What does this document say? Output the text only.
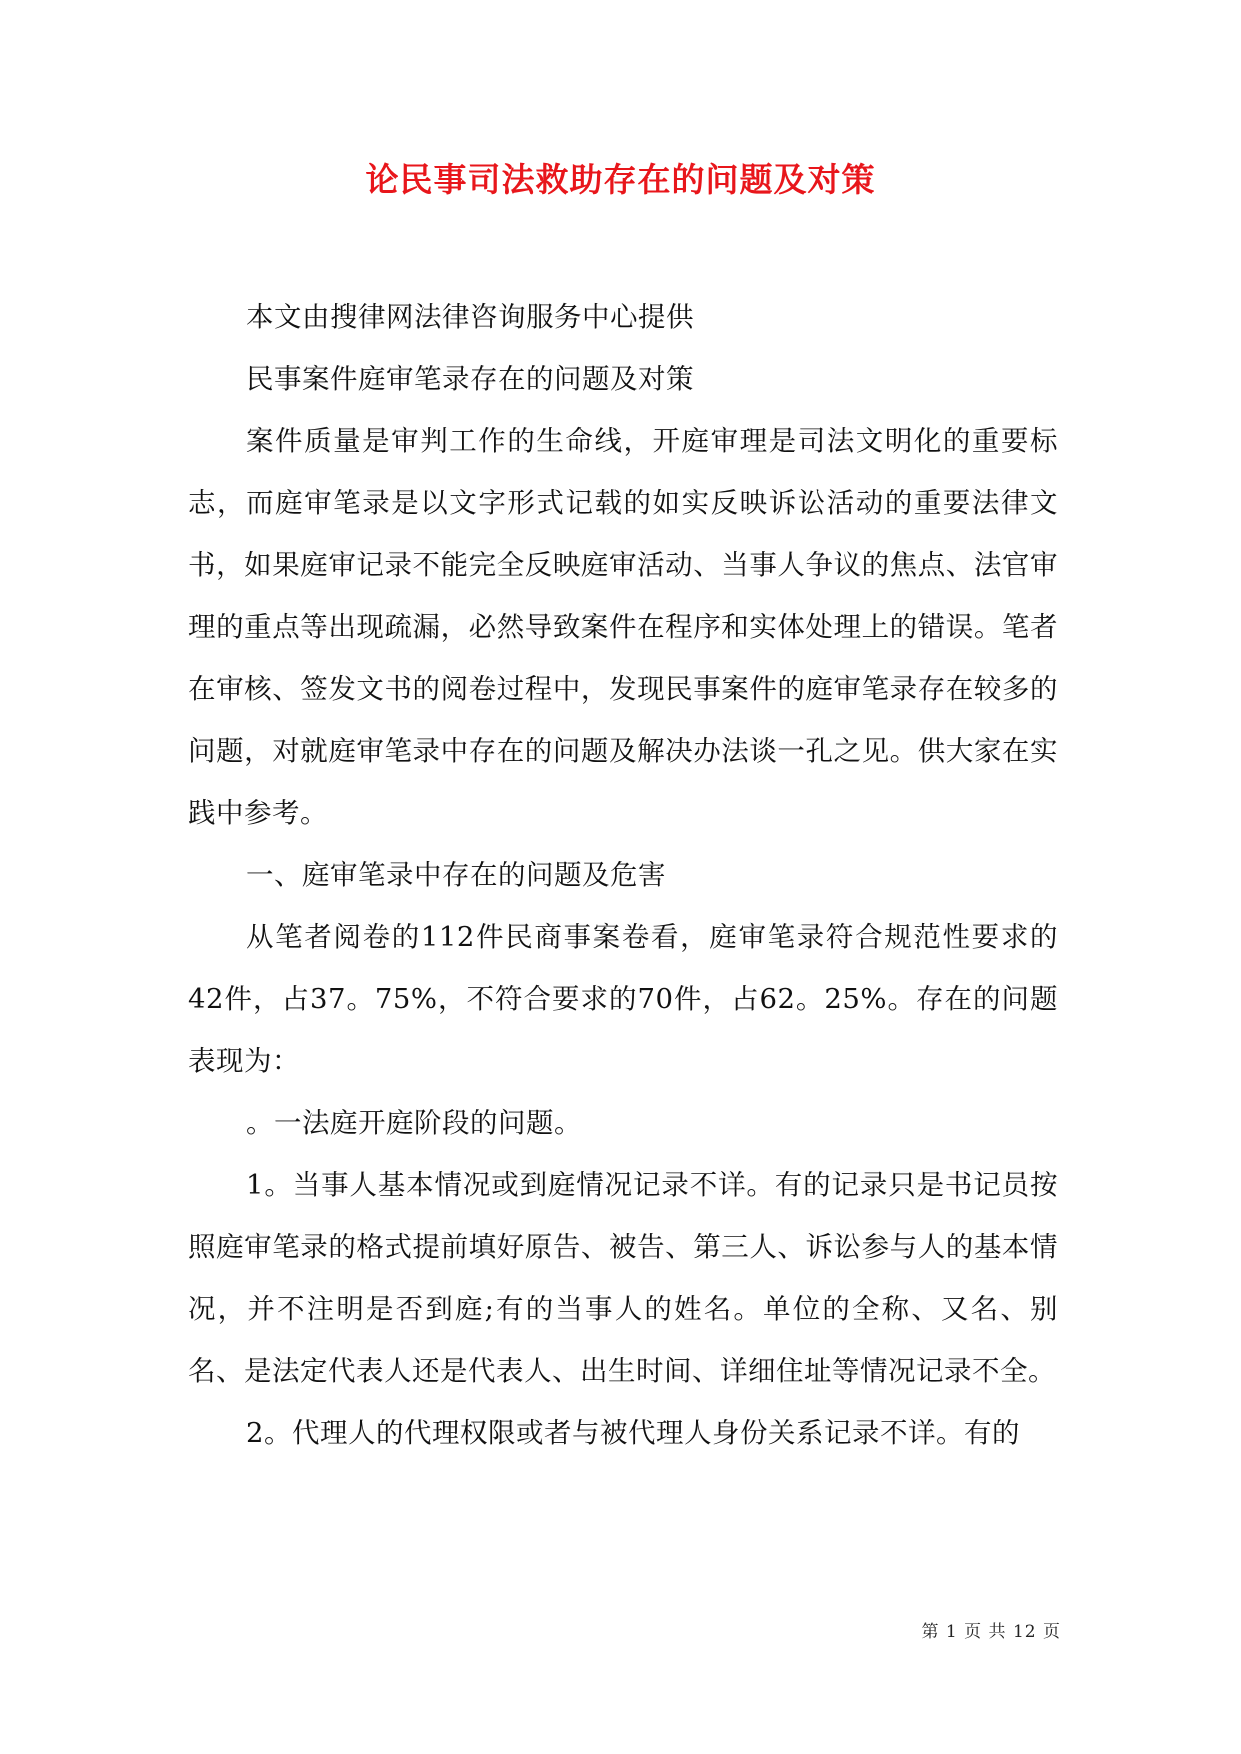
论民事司法救助存在的问题及对策

本文由搜律网法律咨询服务中心提供

民事案件庭审笔录存在的问题及对策

案件质量是审判工作的生命线，开庭审理是司法文明化的重要标志，而庭审笔录是以文字形式记载的如实反映诉讼活动的重要法律文书，如果庭审记录不能完全反映庭审活动、当事人争议的焦点、法官审理的重点等出现疏漏，必然导致案件在程序和实体处理上的错误。笔者在审核、签发文书的阅卷过程中，发现民事案件的庭审笔录存在较多的问题，对就庭审笔录中存在的问题及解决办法谈一孔之见。供大家在实践中参考。

一、庭审笔录中存在的问题及危害

从笔者阅卷的112件民商事案卷看，庭审笔录符合规范性要求的42件，占37。75%，不符合要求的70件，占62。25%。存在的问题表现为：

。一法庭开庭阶段的问题。

1。当事人基本情况或到庭情况记录不详。有的记录只是书记员按照庭审笔录的格式提前填好原告、被告、第三人、诉讼参与人的基本情况，并不注明是否到庭;有的当事人的姓名。单位的全称、又名、别名、是法定代表人还是代表人、出生时间、详细住址等情况记录不全。

2。代理人的代理权限或者与被代理人身份关系记录不详。有的

第 1 页 共 12 页
